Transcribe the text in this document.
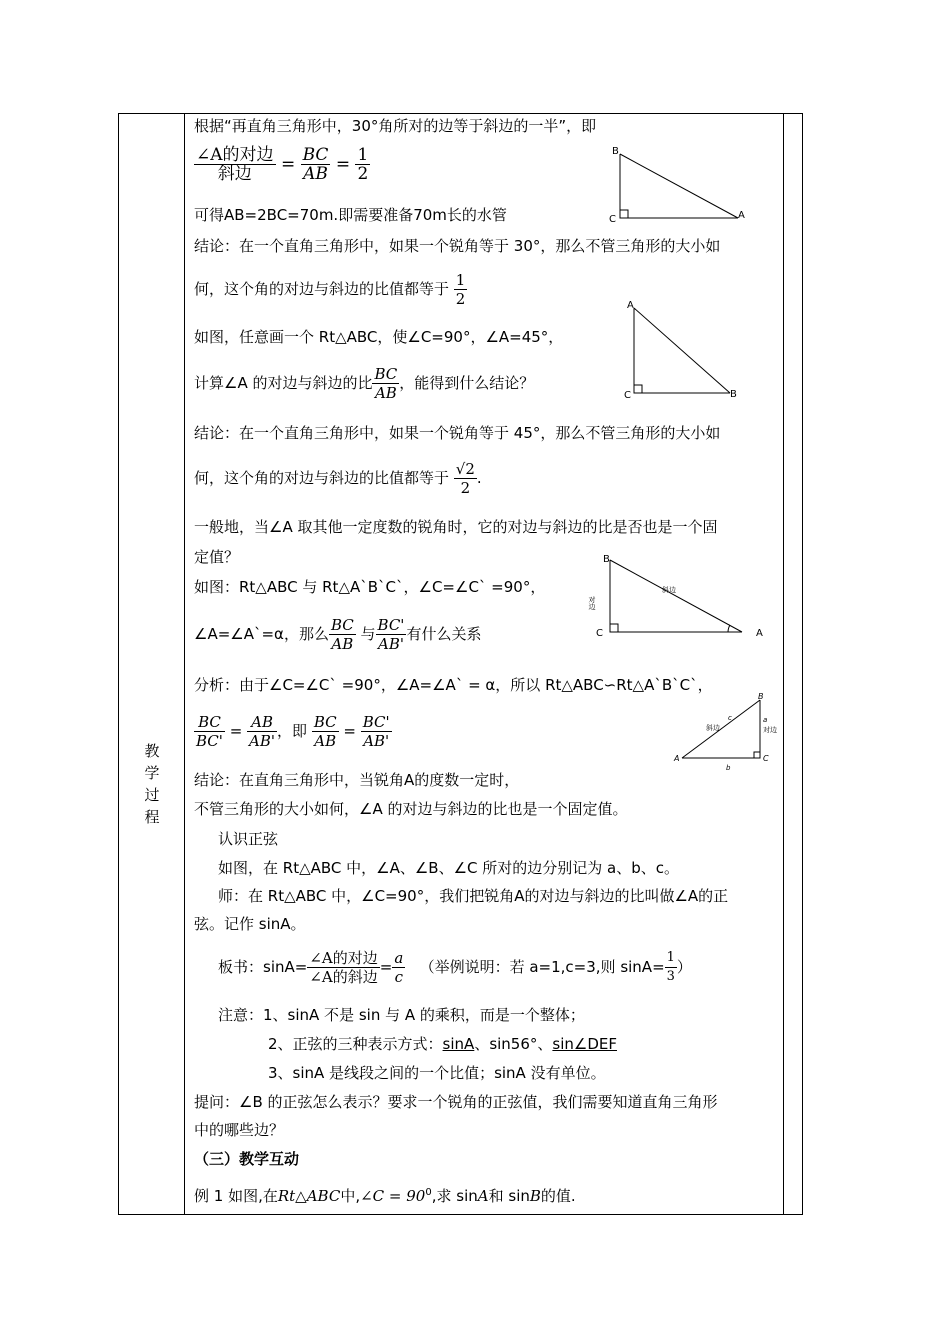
教学过程
根据“再直角三角形中，30°角所对的边等于斜边的一半”，即
$\frac{\text{∠A的对边}}{\text{斜边}} = \frac{BC}{AB} = \frac{1}{2}$	B
C	A
可得AB=2BC=70m.即需要准备70m长的水管
结论：在一个直角三角形中，如果一个锐角等于 30°，那么不管三角形的大小如
何，这个角的对边与斜边的比值都等于 $\frac{1}{2}$
如图，任意画一个 Rt△ABC，使∠C=90°，∠A=45°，
A
C	B
计算∠A 的对边与斜边的比 $\frac{BC}{AB}$ ，能得到什么结论？
结论：在一个直角三角形中，如果一个锐角等于 45°，那么不管三角形的大小如
何，这个角的对边与斜边的比值都等于 $\frac{√2}{2}$ .
一般地，当∠A 取其他一定度数的锐角时，它的对边与斜边的比是否也是一个固
定值？
如图：Rt△ABC 与 Rt△A`B`C`，∠C=∠C` =90°，
B
C	A
对边
斜边
∠A=∠A`=α，那么 $\frac{BC}{AB}$ 与 $\frac{BC'}{AB'}$ 有什么关系
分析：由于∠C=∠C` =90°，∠A=∠A` = α，所以 Rt△ABC∽Rt△A`B`C`，
$\frac{BC}{BC'} = \frac{AB}{AB'}$ ，即 $\frac{BC}{AB} = \frac{BC'}{AB'}$
B
A	C
a
对边
b
c
斜边
结论：在直角三角形中，当锐角A的度数一定时，
不管三角形的大小如何，∠A 的对边与斜边的比也是一个固定值。
认识正弦
如图，在 Rt△ABC 中，∠A、∠B、∠C 所对的边分别记为 a、b、c。
师：在 Rt△ABC 中，∠C=90°，我们把锐角A的对边与斜边的比叫做∠A的正
弦。记作 sinA。
板书：$\sin A= \frac{\text{∠A的对边}}{\text{∠A的斜边}} = \frac{a}{c}$ （举例说明：若 a=1,c=3,则 $\sin A= \frac{1}{3}$ ）
注意：1、sinA 不是 sin 与 A 的乘积，而是一个整体；
2、正弦的三种表示方式：sinA、sin56°、sin∠DEF
3、sinA 是线段之间的一个比值；sinA 没有单位。
提问：∠B 的正弦怎么表示？要求一个锐角的正弦值，我们需要知道直角三角形
中的哪些边？
（三）教学互动
例 1 如图,在Rt△ABC中,∠C = $90^0$,求 sinA和 sinB的值.
